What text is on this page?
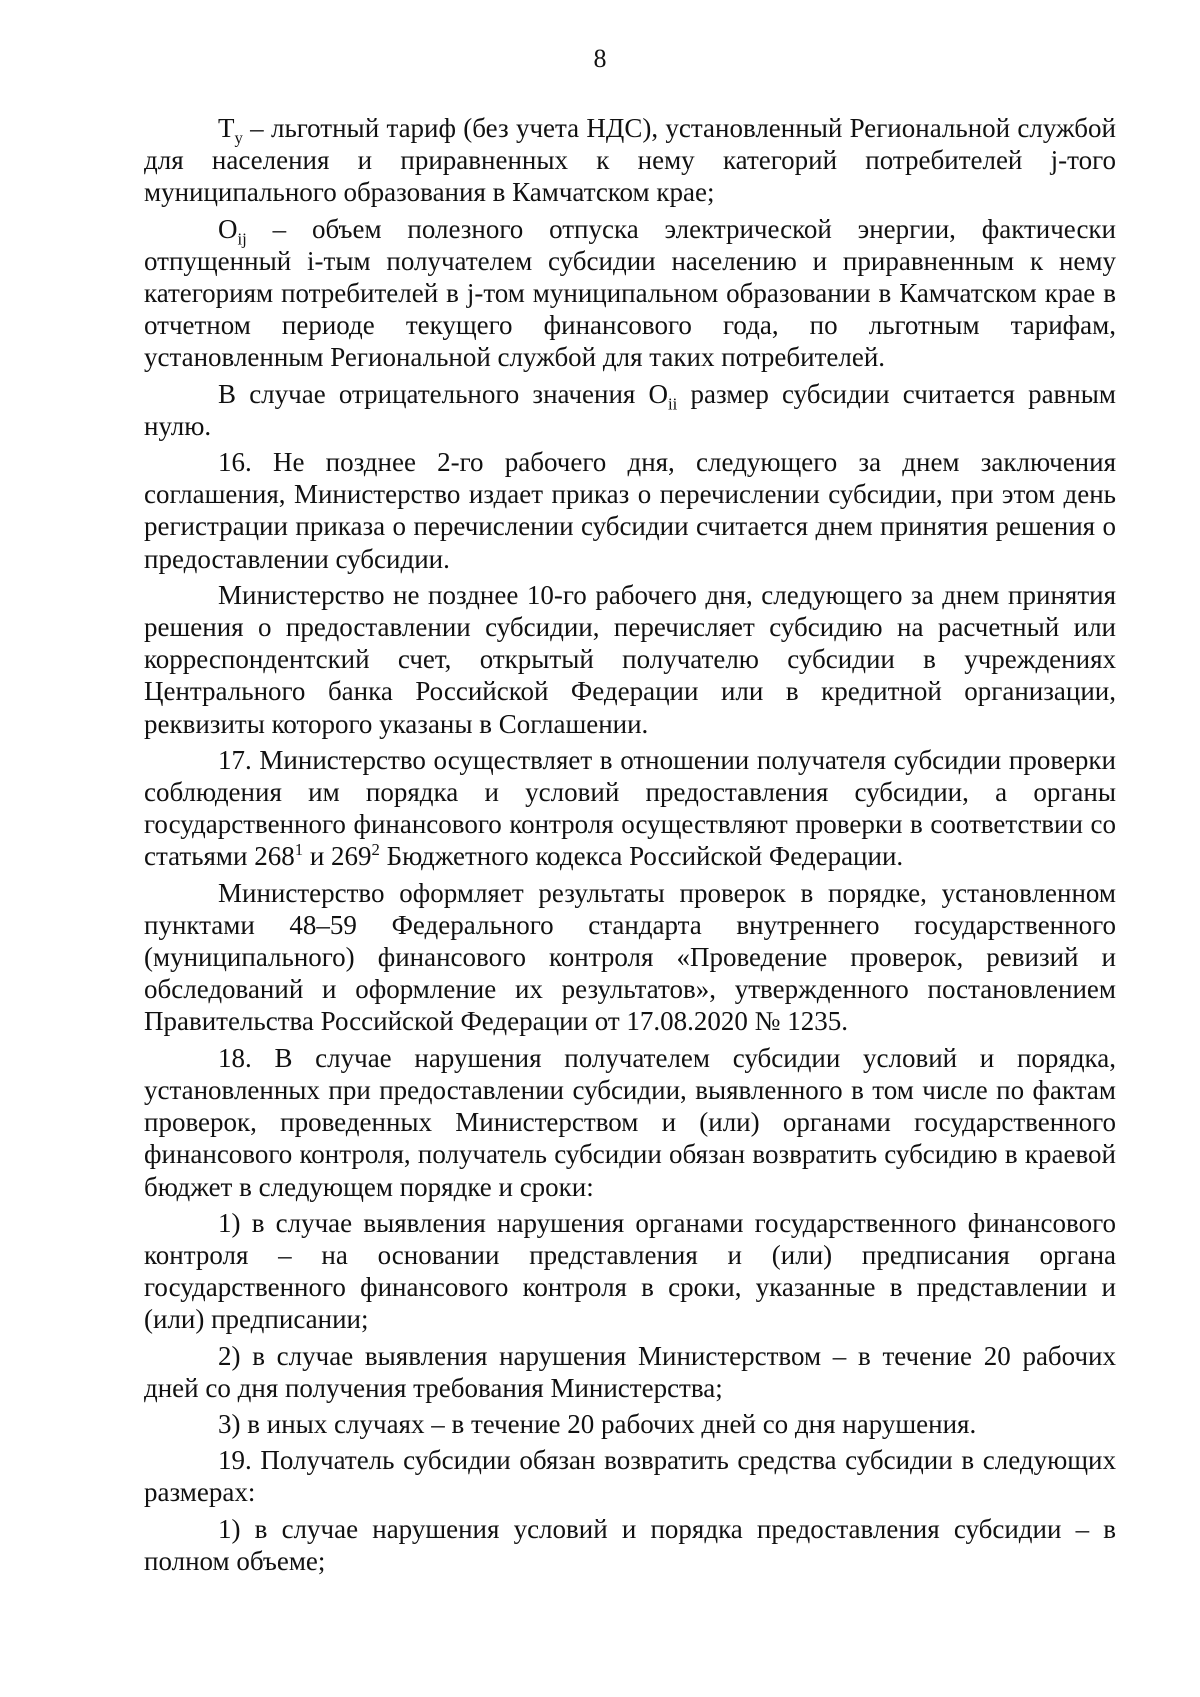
8

$Т_у$ – льготный тариф (без учета НДС), установленный Региональной службой для населения и приравненных к нему категорий потребителей j-того муниципального образования в Камчатском крае;

$O_{ij}$ – объем полезного отпуска электрической энергии, фактически отпущенный i-тым получателем субсидии населению и приравненным к нему категориям потребителей в j-том муниципальном образовании в Камчатском крае в отчетном периоде текущего финансового года, по льготным тарифам, установленным Региональной службой для таких потребителей.

В случае отрицательного значения $O_{ii}$ размер субсидии считается равным нулю.

16. Не позднее 2-го рабочего дня, следующего за днем заключения соглашения, Министерство издает приказ о перечислении субсидии, при этом день регистрации приказа о перечислении субсидии считается днем принятия решения о предоставлении субсидии.

Министерство не позднее 10-го рабочего дня, следующего за днем принятия решения о предоставлении субсидии, перечисляет субсидию на расчетный или корреспондентский счет, открытый получателю субсидии в учреждениях Центрального банка Российской Федерации или в кредитной организации, реквизиты которого указаны в Соглашении.

17. Министерство осуществляет в отношении получателя субсидии проверки соблюдения им порядка и условий предоставления субсидии, а органы государственного финансового контроля осуществляют проверки в соответствии со статьями $268^1$ и $269^2$ Бюджетного кодекса Российской Федерации.

Министерство оформляет результаты проверок в порядке, установленном пунктами 48–59 Федерального стандарта внутреннего государственного (муниципального) финансового контроля «Проведение проверок, ревизий и обследований и оформление их результатов», утвержденного постановлением Правительства Российской Федерации от 17.08.2020 № 1235.

18. В случае нарушения получателем субсидии условий и порядка, установленных при предоставлении субсидии, выявленного в том числе по фактам проверок, проведенных Министерством и (или) органами государственного финансового контроля, получатель субсидии обязан возвратить субсидию в краевой бюджет в следующем порядке и сроки:

1) в случае выявления нарушения органами государственного финансового контроля – на основании представления и (или) предписания органа государственного финансового контроля в сроки, указанные в представлении и (или) предписании;

2) в случае выявления нарушения Министерством – в течение 20 рабочих дней со дня получения требования Министерства;

3) в иных случаях – в течение 20 рабочих дней со дня нарушения.

19. Получатель субсидии обязан возвратить средства субсидии в следующих размерах:

1) в случае нарушения условий и порядка предоставления субсидии – в полном объеме;
